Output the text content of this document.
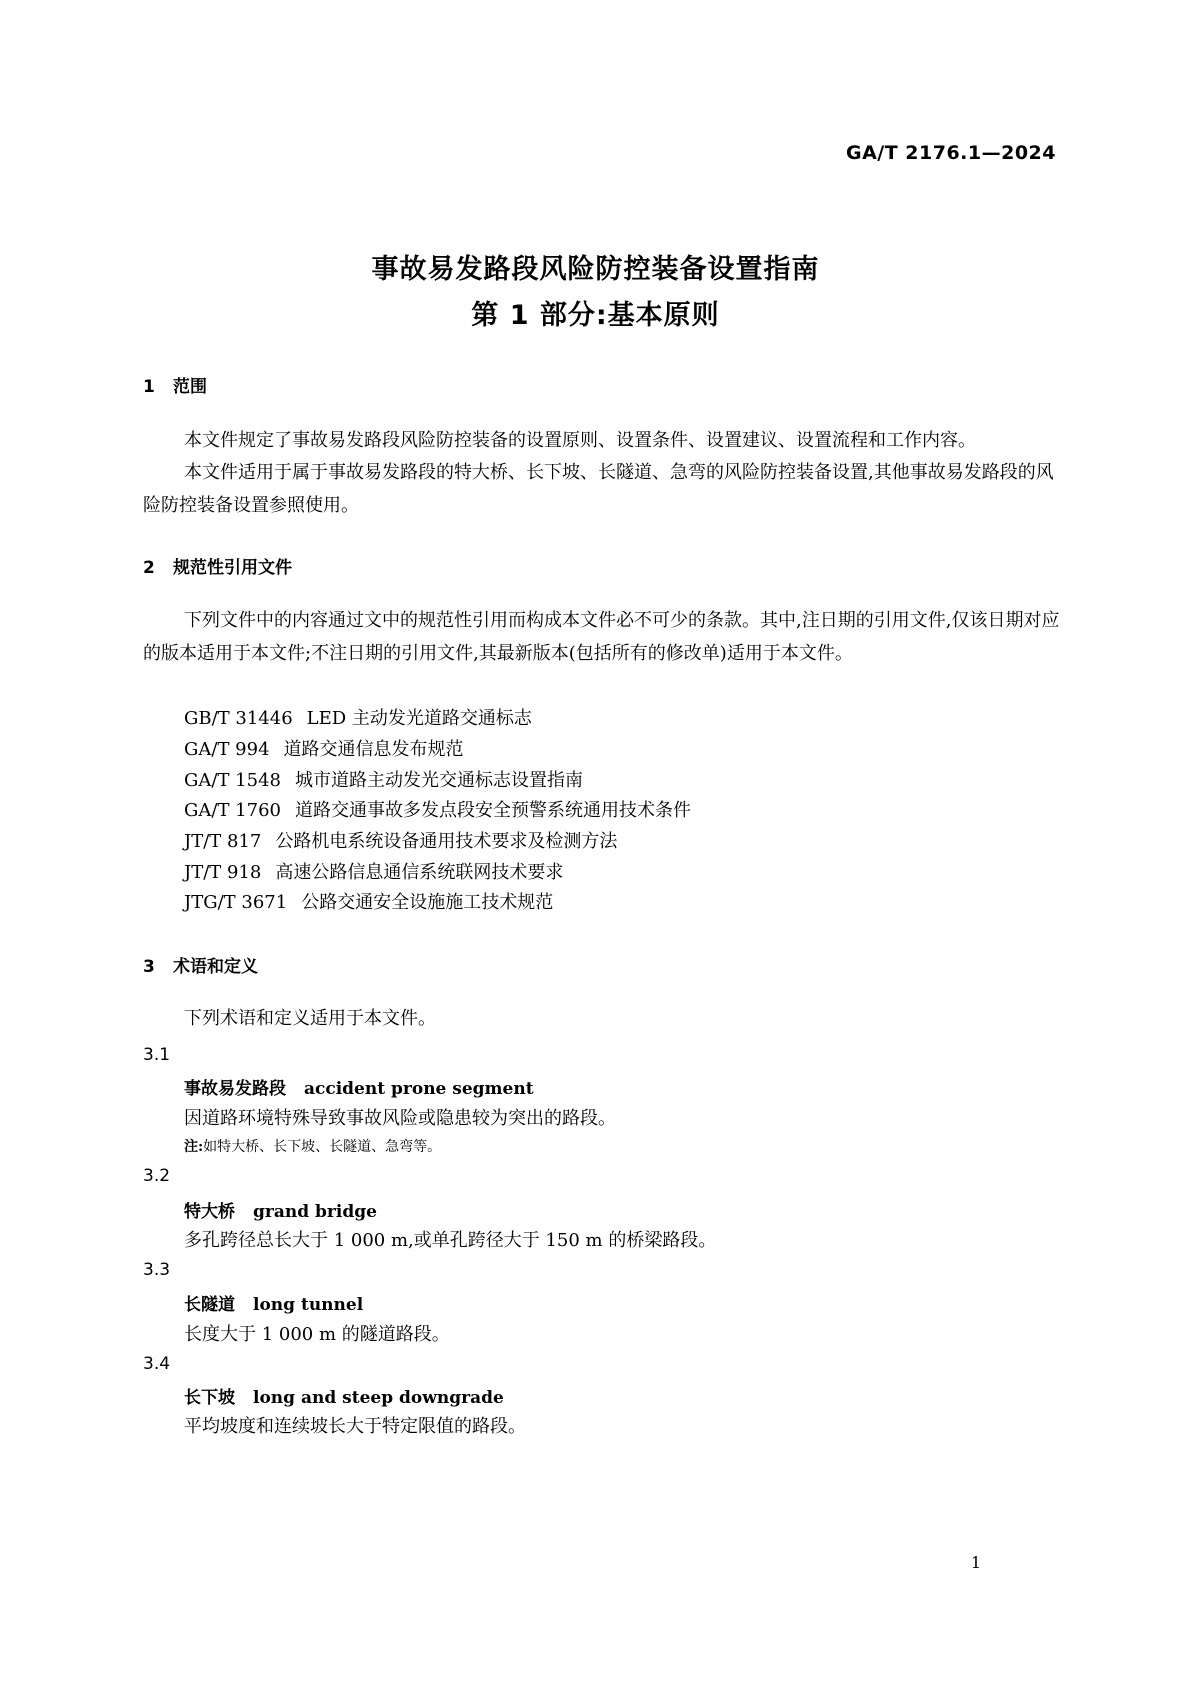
GA/T 2176.1—2024
事故易发路段风险防控装备设置指南
第 1 部分:基本原则
1 范围
本文件规定了事故易发路段风险防控装备的设置原则、设置条件、设置建议、设置流程和工作内容。
本文件适用于属于事故易发路段的特大桥、长下坡、长隧道、急弯的风险防控装备设置,其他事故易发路段的风险防控装备设置参照使用。
2 规范性引用文件
下列文件中的内容通过文中的规范性引用而构成本文件必不可少的条款。其中,注日期的引用文件,仅该日期对应的版本适用于本文件;不注日期的引用文件,其最新版本(包括所有的修改单)适用于本文件。
GB/T 31446 LED 主动发光道路交通标志
GA/T 994 道路交通信息发布规范
GA/T 1548 城市道路主动发光交通标志设置指南
GA/T 1760 道路交通事故多发点段安全预警系统通用技术条件
JT/T 817 公路机电系统设备通用技术要求及检测方法
JT/T 918 高速公路信息通信系统联网技术要求
JTG/T 3671 公路交通安全设施施工技术规范
3 术语和定义
下列术语和定义适用于本文件。
3.1
事故易发路段 accident prone segment
因道路环境特殊导致事故风险或隐患较为突出的路段。
注:如特大桥、长下坡、长隧道、急弯等。
3.2
特大桥 grand bridge
多孔跨径总长大于 1 000 m,或单孔跨径大于 150 m 的桥梁路段。
3.3
长隧道 long tunnel
长度大于 1 000 m 的隧道路段。
3.4
长下坡 long and steep downgrade
平均坡度和连续坡长大于特定限值的路段。
1
